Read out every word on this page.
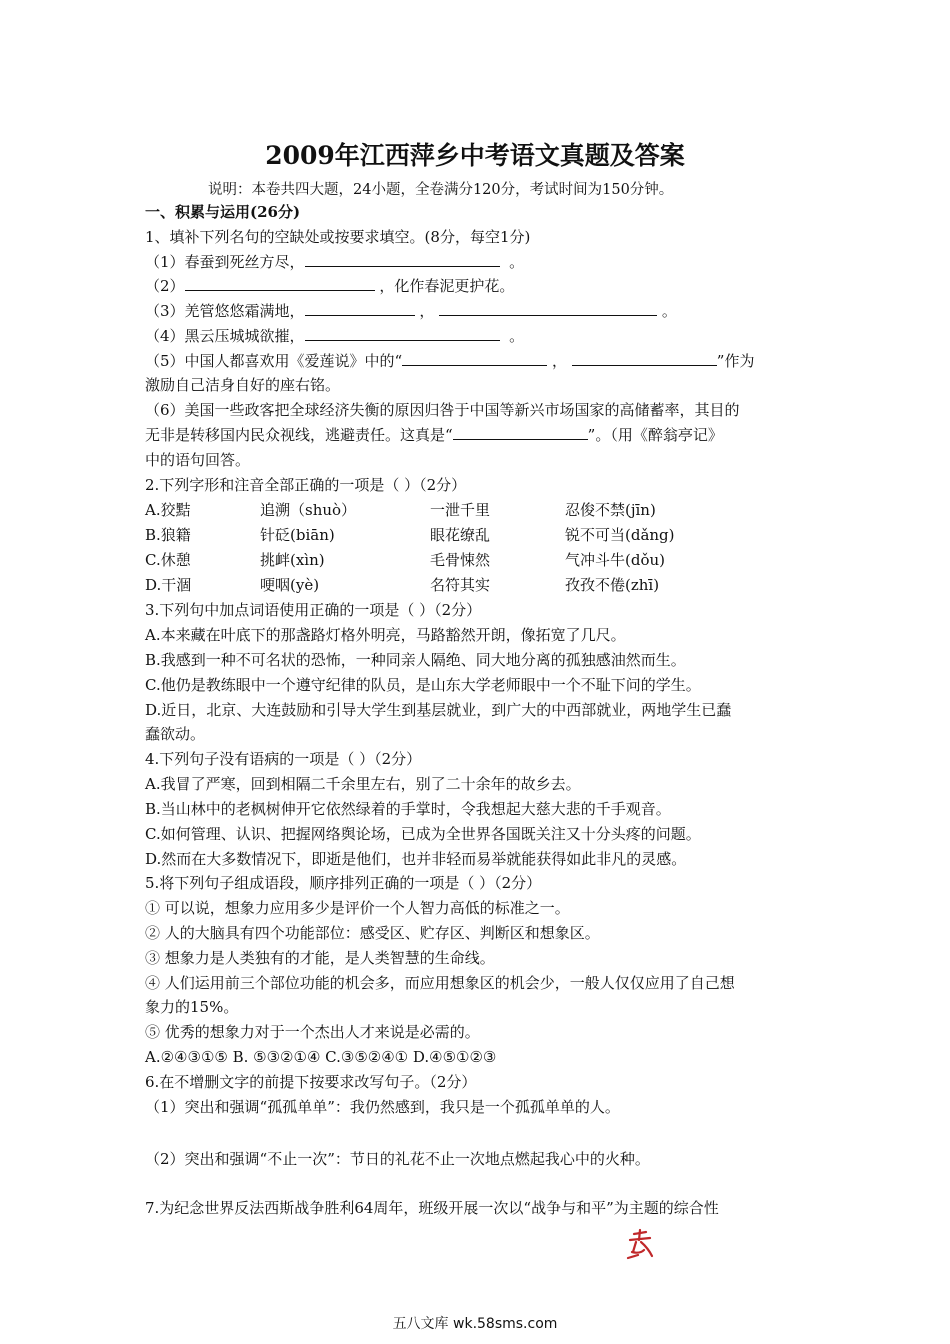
2009年江西萍乡中考语文真题及答案
说明：本卷共四大题，24小题，全卷满分120分，考试时间为150分钟。
一、积累与运用(26分)
1、填补下列名句的空缺处或按要求填空。(8分，每空1分)
（1）春蚕到死丝方尽，	。
（2）	，化作春泥更护花。
（3）羌管悠悠霜满地，	，	。
（4）黑云压城城欲摧，	。
（5）中国人都喜欢用《爱莲说》中的“	，	”作为
激励自己洁身自好的座右铭。
（6）美国一些政客把全球经济失衡的原因归咎于中国等新兴市场国家的高储蓄率，其目的
无非是转移国内民众视线，逃避责任。这真是“	”。（用《醉翁亭记》
中的语句回答。
2.下列字形和注音全部正确的一项是（ ）（2分）
A.狡黠	追溯（shuò）	一泄千里	忍俊不禁(jīn)
B.狼籍	针砭(biān)	眼花缭乱	锐不可当(dǎng)
C.休憩	挑衅(xìn)	毛骨悚然	气冲斗牛(dǒu)
D.干涸	哽咽(yè)	名符其实	孜孜不倦(zhī)
3.下列句中加点词语使用正确的一项是（ ）（2分）
A.本来藏在叶底下的那盏路灯格外明亮，马路豁然开朗，像拓宽了几尺。
B.我感到一种不可名状的恐怖，一种同亲人隔绝、同大地分离的孤独感油然而生。
C.他仍是教练眼中一个遵守纪律的队员，是山东大学老师眼中一个不耻下问的学生。
D.近日，北京、大连鼓励和引导大学生到基层就业，到广大的中西部就业，两地学生已蠢
蠢欲动。
4.下列句子没有语病的一项是（ ）（2分）
A.我冒了严寒，回到相隔二千余里左右，别了二十余年的故乡去。
B.当山林中的老枫树伸开它依然绿着的手掌时，令我想起大慈大悲的千手观音。
C.如何管理、认识、把握网络舆论场，已成为全世界各国既关注又十分头疼的问题。
D.然而在大多数情况下，即逝是他们，也并非轻而易举就能获得如此非凡的灵感。
5.将下列句子组成语段，顺序排列正确的一项是（ ）（2分）
① 可以说，想象力应用多少是评价一个人智力高低的标准之一。
② 人的大脑具有四个功能部位：感受区、贮存区、判断区和想象区。
③ 想象力是人类独有的才能，是人类智慧的生命线。
④ 人们运用前三个部位功能的机会多，而应用想象区的机会少，一般人仅仅应用了自己想
象力的15%。
⑤ 优秀的想象力对于一个杰出人才来说是必需的。
A.②④③①⑤ B. ⑤③②①④ C.③⑤②④① D.④⑤①②③
6.在不增删文字的前提下按要求改写句子。（2分）
（1）突出和强调“孤孤单单”：我仍然感到，我只是一个孤孤单单的人。
（2）突出和强调“不止一次”：节日的礼花不止一次地点燃起我心中的火种。
7.为纪念世界反法西斯战争胜利64周年，班级开展一次以“战争与和平”为主题的综合性
五八文库 wk.58sms.com
